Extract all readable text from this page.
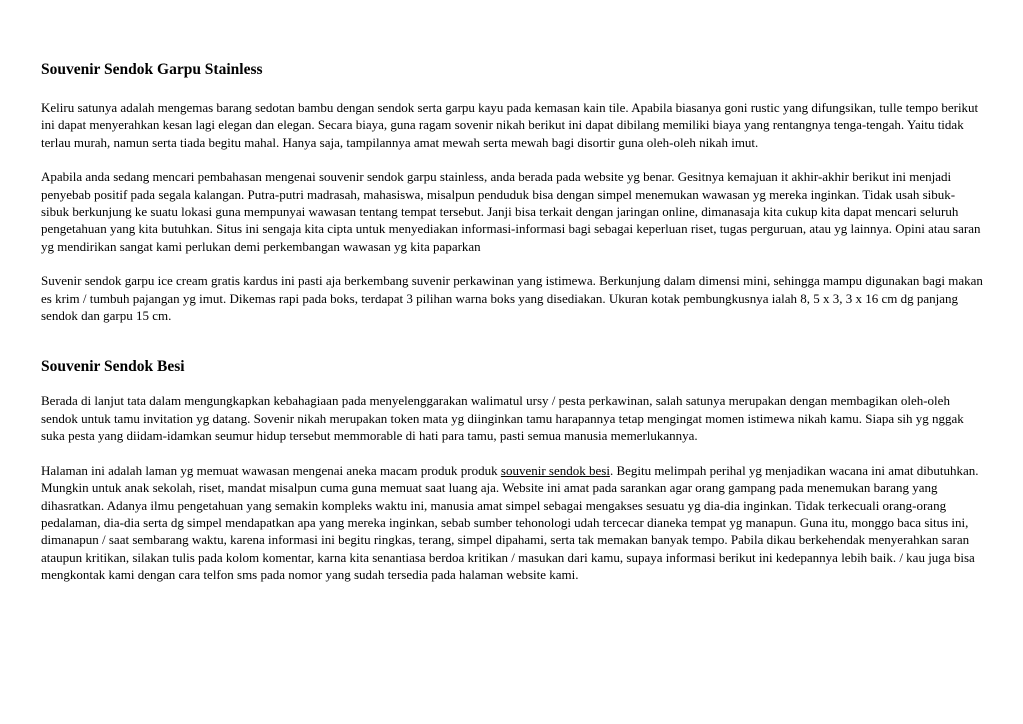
Souvenir Sendok Garpu Stainless

Keliru satunya adalah mengemas barang sedotan bambu dengan sendok serta garpu kayu pada kemasan kain tile. Apabila biasanya goni rustic yang difungsikan, tulle tempo berikut ini dapat menyerahkan kesan lagi elegan dan elegan. Secara biaya, guna ragam sovenir nikah berikut ini dapat dibilang memiliki biaya yang rentangnya tenga-tengah. Yaitu tidak terlau murah, namun serta tiada begitu mahal. Hanya saja, tampilannya amat mewah serta mewah bagi disortir guna oleh-oleh nikah imut.

Apabila anda sedang mencari pembahasan mengenai souvenir sendok garpu stainless, anda berada pada website yg benar. Gesitnya kemajuan it akhir-akhir berikut ini menjadi penyebab positif pada segala kalangan. Putra-putri madrasah, mahasiswa, misalpun penduduk bisa dengan simpel menemukan wawasan yg mereka inginkan. Tidak usah sibuk-sibuk berkunjung ke suatu lokasi guna mempunyai wawasan tentang tempat tersebut. Janji bisa terkait dengan jaringan online, dimanasaja kita cukup kita dapat mencari seluruh pengetahuan yang kita butuhkan. Situs ini sengaja kita cipta untuk menyediakan informasi-informasi bagi sebagai keperluan riset, tugas perguruan, atau yg lainnya. Opini atau saran yg mendirikan sangat kami perlukan demi perkembangan wawasan yg kita paparkan

Suvenir sendok garpu ice cream gratis kardus ini pasti aja berkembang suvenir perkawinan yang istimewa. Berkunjung dalam dimensi mini, sehingga mampu digunakan bagi makan es krim / tumbuh pajangan yg imut. Dikemas rapi pada boks, terdapat 3 pilihan warna boks yang disediakan. Ukuran kotak pembungkusnya ialah 8, 5 x 3, 3 x 16 cm dg panjang sendok dan garpu 15 cm.

Souvenir Sendok Besi

Berada di lanjut tata dalam mengungkapkan kebahagiaan pada menyelenggarakan walimatul ursy / pesta perkawinan, salah satunya merupakan dengan membagikan oleh-oleh sendok untuk tamu invitation yg datang. Sovenir nikah merupakan token mata yg diinginkan tamu harapannya tetap mengingat momen istimewa nikah kamu. Siapa sih yg nggak suka pesta yang diidam-idamkan seumur hidup tersebut memmorable di hati para tamu, pasti semua manusia memerlukannya.

Halaman ini adalah laman yg memuat wawasan mengenai aneka macam produk produk souvenir sendok besi. Begitu melimpah perihal yg menjadikan wacana ini amat dibutuhkan. Mungkin untuk anak sekolah, riset, mandat misalpun cuma guna memuat saat luang aja. Website ini amat pada sarankan agar orang gampang pada menemukan barang yang dihasratkan. Adanya ilmu pengetahuan yang semakin kompleks waktu ini, manusia amat simpel sebagai mengakses sesuatu yg dia-dia inginkan. Tidak terkecuali orang-orang pedalaman, dia-dia serta dg simpel mendapatkan apa yang mereka inginkan, sebab sumber tehonologi udah tercecar dianeka tempat yg manapun. Guna itu, monggo baca situs ini, dimanapun / saat sembarang waktu, karena informasi ini begitu ringkas, terang, simpel dipahami, serta tak memakan banyak tempo. Pabila dikau berkehendak menyerahkan saran ataupun kritikan, silakan tulis pada kolom komentar, karna kita senantiasa berdoa kritikan / masukan dari kamu, supaya informasi berikut ini kedepannya lebih baik. / kau juga bisa mengkontak kami dengan cara telfon sms pada nomor yang sudah tersedia pada halaman website kami.
